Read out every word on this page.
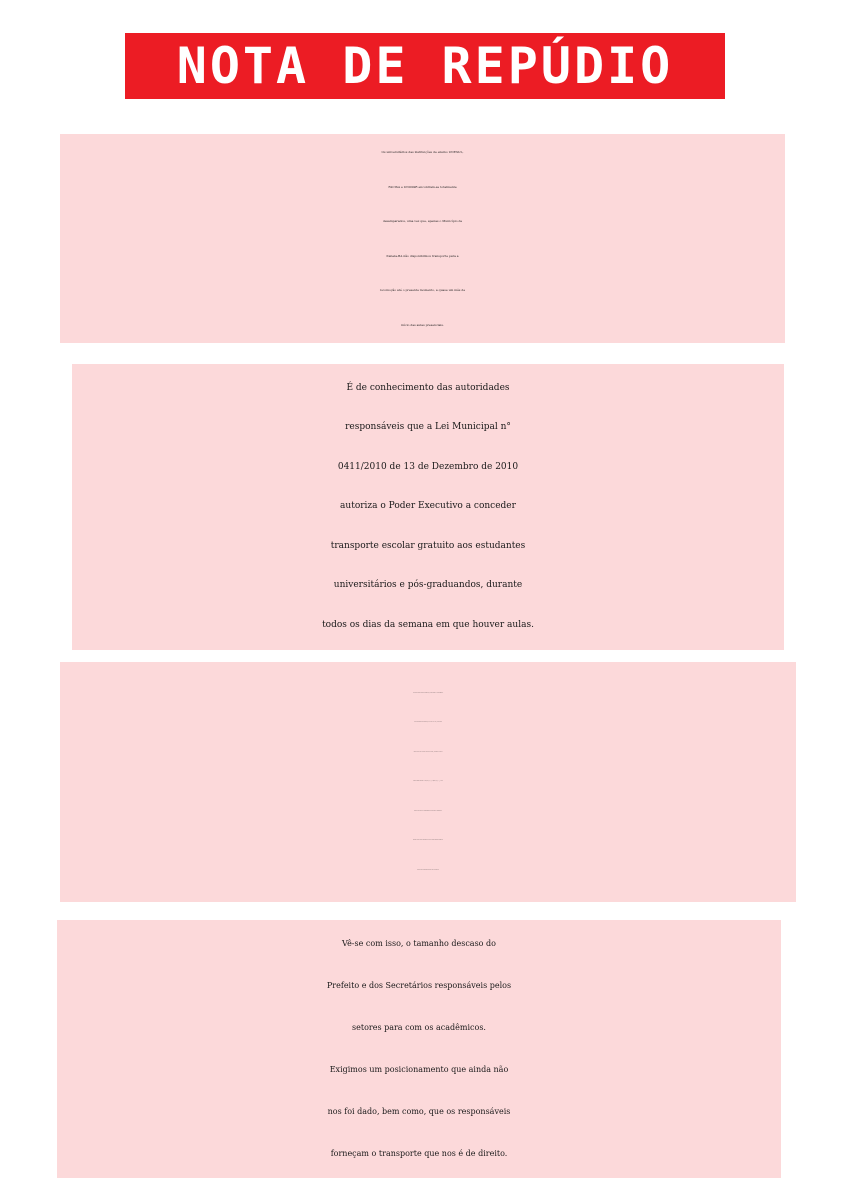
NOTA DE REPÚDIO
Os universitários das instituições de ensino UNESUL,
FACISA e UNOPAR encontram-se totalmente
desamparados, uma vez que, apenas o Município de
Itabela-BA não disponibilizou transporte para a
locomoção até o presente momento, a quase um mês de
início das aulas presenciais.
É de conhecimento das autoridades
responsáveis que a Lei Municipal n°
0411/2010 de 13 de Dezembro de 2010
autoriza o Poder Executivo a conceder
transporte escolar gratuito aos estudantes
universitários e pós-graduandos, durante
todos os dias da semana em que houver aulas.
Prejuízos estão sendo causados, acarretando o desestímulo
dos estudantes em estudar, pelo fato de que, os alunos
estão tendo que fretar veículos a parte, pagando valores
diários numa média de R$ 30,00 [...] a R$ 50,00 [...], o que
totaliza um valor extremamente significativo semanal e
mensal para cada acadêmico. Sendo esses gastos somados
ainda com as mensalidades das faculdades
Vê-se com isso, o tamanho descaso do
Prefeito e dos Secretários responsáveis pelos
setores para com os acadêmicos.
Exigimos um posicionamento que ainda não
nos foi dado, bem como, que os responsáveis
forneçam o transporte que nos é de direito.
